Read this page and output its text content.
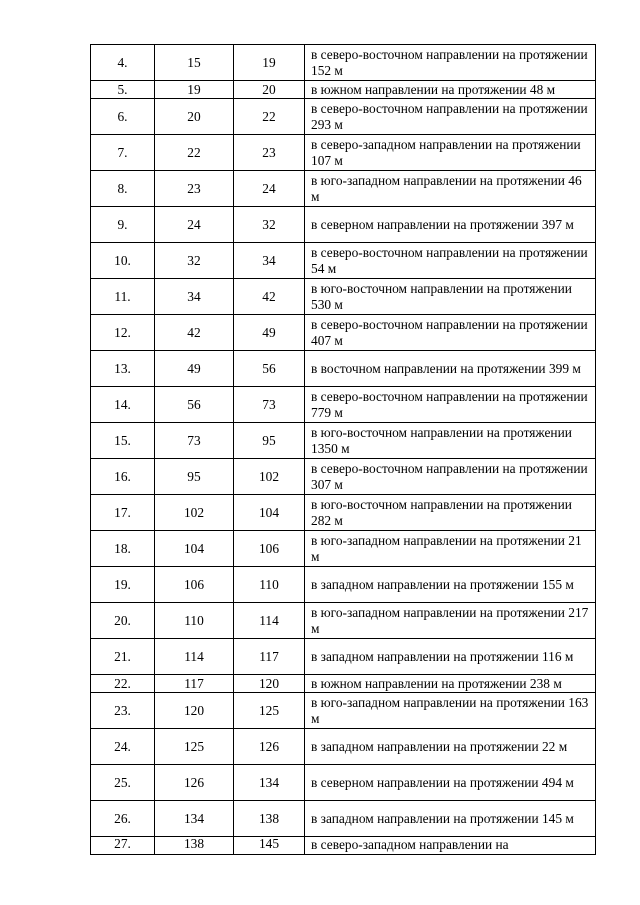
4.	15	19	в северо-восточном направлении на протяжении 152 м
5.	19	20	в южном направлении на протяжении 48 м
6.	20	22	в северо-восточном направлении на протяжении 293 м
7.	22	23	в северо-западном направлении на протяжении 107 м
8.	23	24	в юго-западном направлении на протяжении 46 м
9.	24	32	в северном направлении на протяжении 397 м
10.	32	34	в северо-восточном направлении на протяжении 54 м
11.	34	42	в юго-восточном направлении на протяжении 530 м
12.	42	49	в северо-восточном направлении на протяжении 407 м
13.	49	56	в восточном направлении на протяжении 399 м
14.	56	73	в северо-восточном направлении на протяжении 779 м
15.	73	95	в юго-восточном направлении на протяжении 1350 м
16.	95	102	в северо-восточном направлении на протяжении 307 м
17.	102	104	в юго-восточном направлении на протяжении 282 м
18.	104	106	в юго-западном направлении на протяжении 21 м
19.	106	110	в западном направлении на протяжении 155 м
20.	110	114	в юго-западном направлении на протяжении 217 м
21.	114	117	в западном направлении на протяжении 116 м
22.	117	120	в южном направлении на протяжении 238 м
23.	120	125	в юго-западном направлении на протяжении 163 м
24.	125	126	в западном направлении на протяжении 22 м
25.	126	134	в северном направлении на протяжении 494 м
26.	134	138	в западном направлении на протяжении 145 м
27.	138	145	в северо-западном направлении на
